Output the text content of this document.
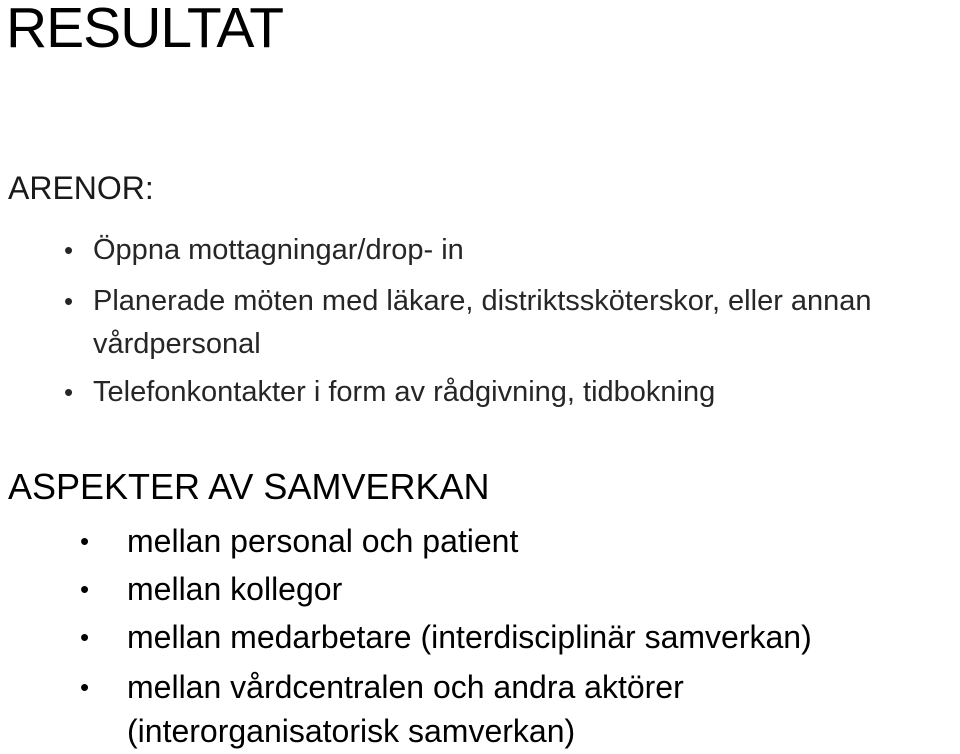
RESULTAT
ARENOR:
• Öppna mottagningar/drop- in
• Planerade möten med läkare, distriktssköterskor, eller annan vårdpersonal
• Telefonkontakter i form av rådgivning, tidbokning
ASPEKTER AV SAMVERKAN
• mellan personal och patient
• mellan kollegor
• mellan medarbetare (interdisciplinär samverkan)
• mellan vårdcentralen och andra aktörer (interorganisatorisk samverkan)
